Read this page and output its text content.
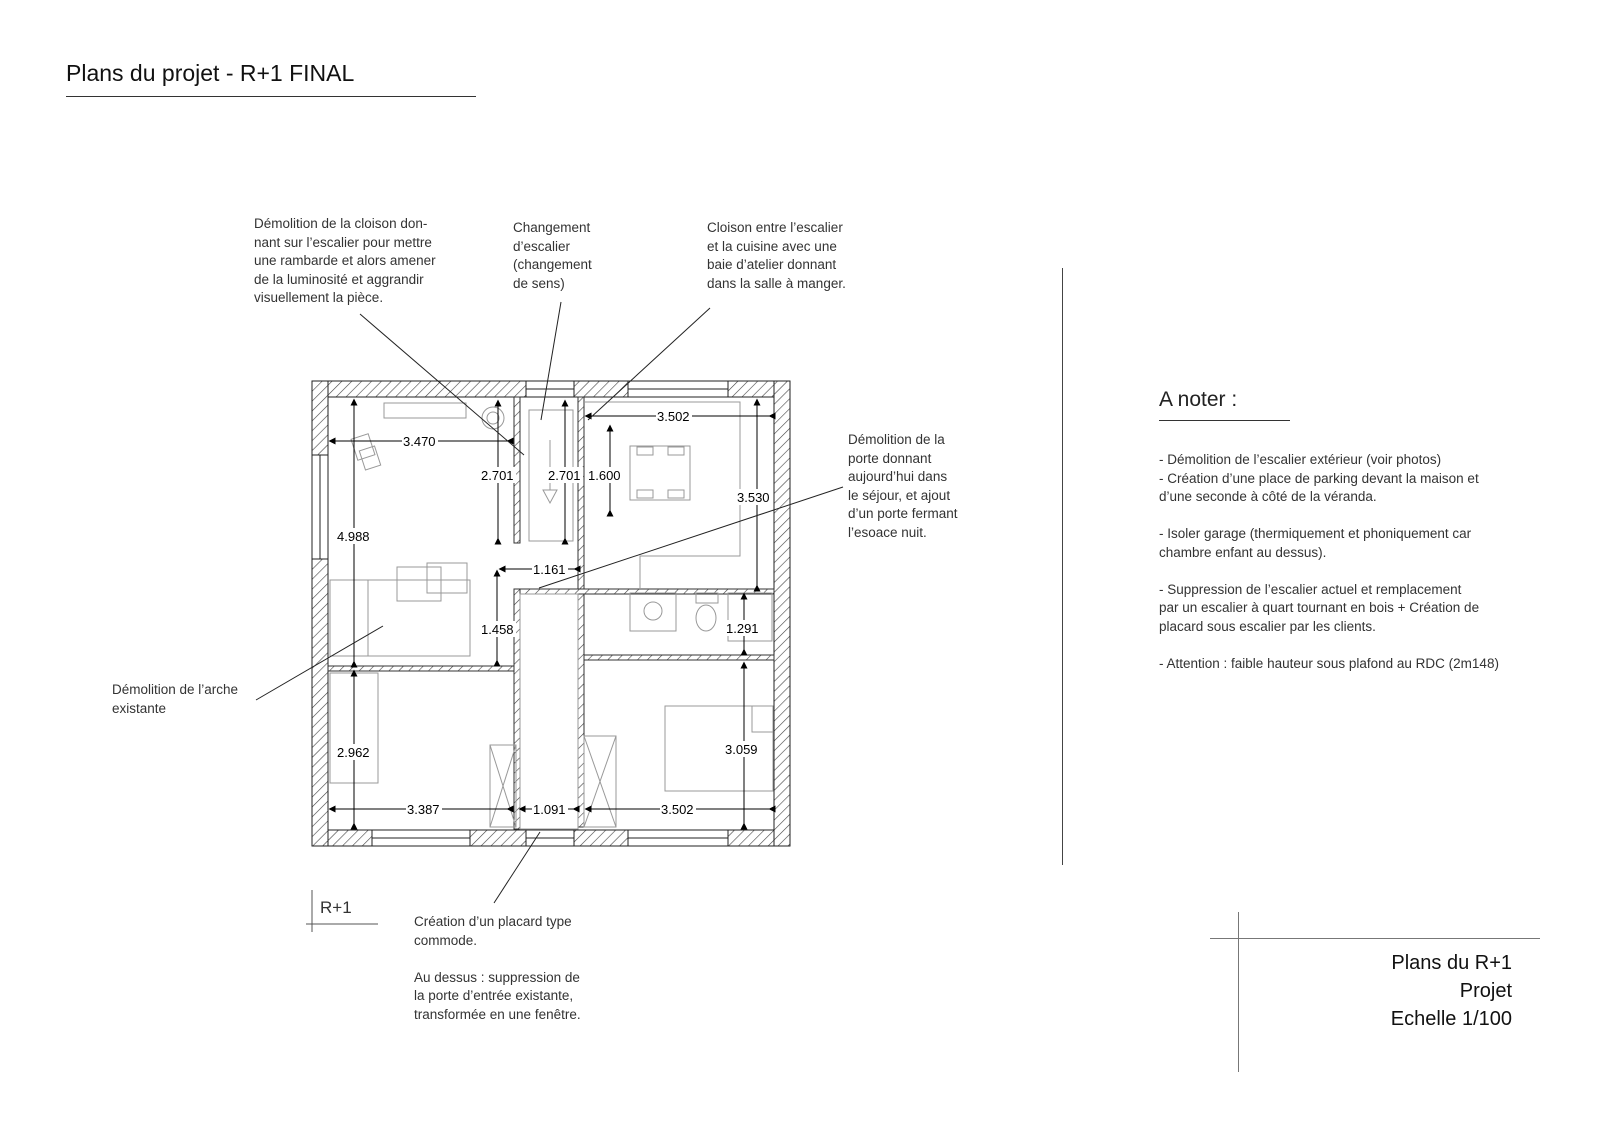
Plans du projet - R+1 FINAL
3.470
3.502
2.701	2.701 1.600
3.530
4.988
1.161
1.458	1.291
2.962	3.059
3.387	1.091	3.502
Démolition de la cloison don-
nant sur l’escalier pour mettre
une rambarde et alors amener
de la luminosité et aggrandir
visuellement la pièce.
Changement
d’escalier
(changement
de sens)
Cloison entre l’escalier
et la cuisine avec une
baie d’atelier donnant
dans la salle à manger.
Démolition de la
porte donnant
aujourd’hui dans
le séjour, et ajout
d’un porte fermant
l’esoace nuit.
Démolition de l’arche
existante
Création d’un placard type
commode.

Au dessus : suppression de
la porte d’entrée existante,
transformée en une fenêtre.
R+1
A noter :
- Démolition de l’escalier extérieur (voir photos)
- Création d’une place de parking devant la maison et
d’une seconde à côté de la véranda.

- Isoler garage (thermiquement et phoniquement car
chambre enfant au dessus).

- Suppression de l’escalier actuel et remplacement
par un escalier à quart tournant en bois + Création de
placard sous escalier par les clients.

- Attention : faible hauteur sous plafond au RDC (2m148)
Plans du R+1
Projet
Echelle 1/100
